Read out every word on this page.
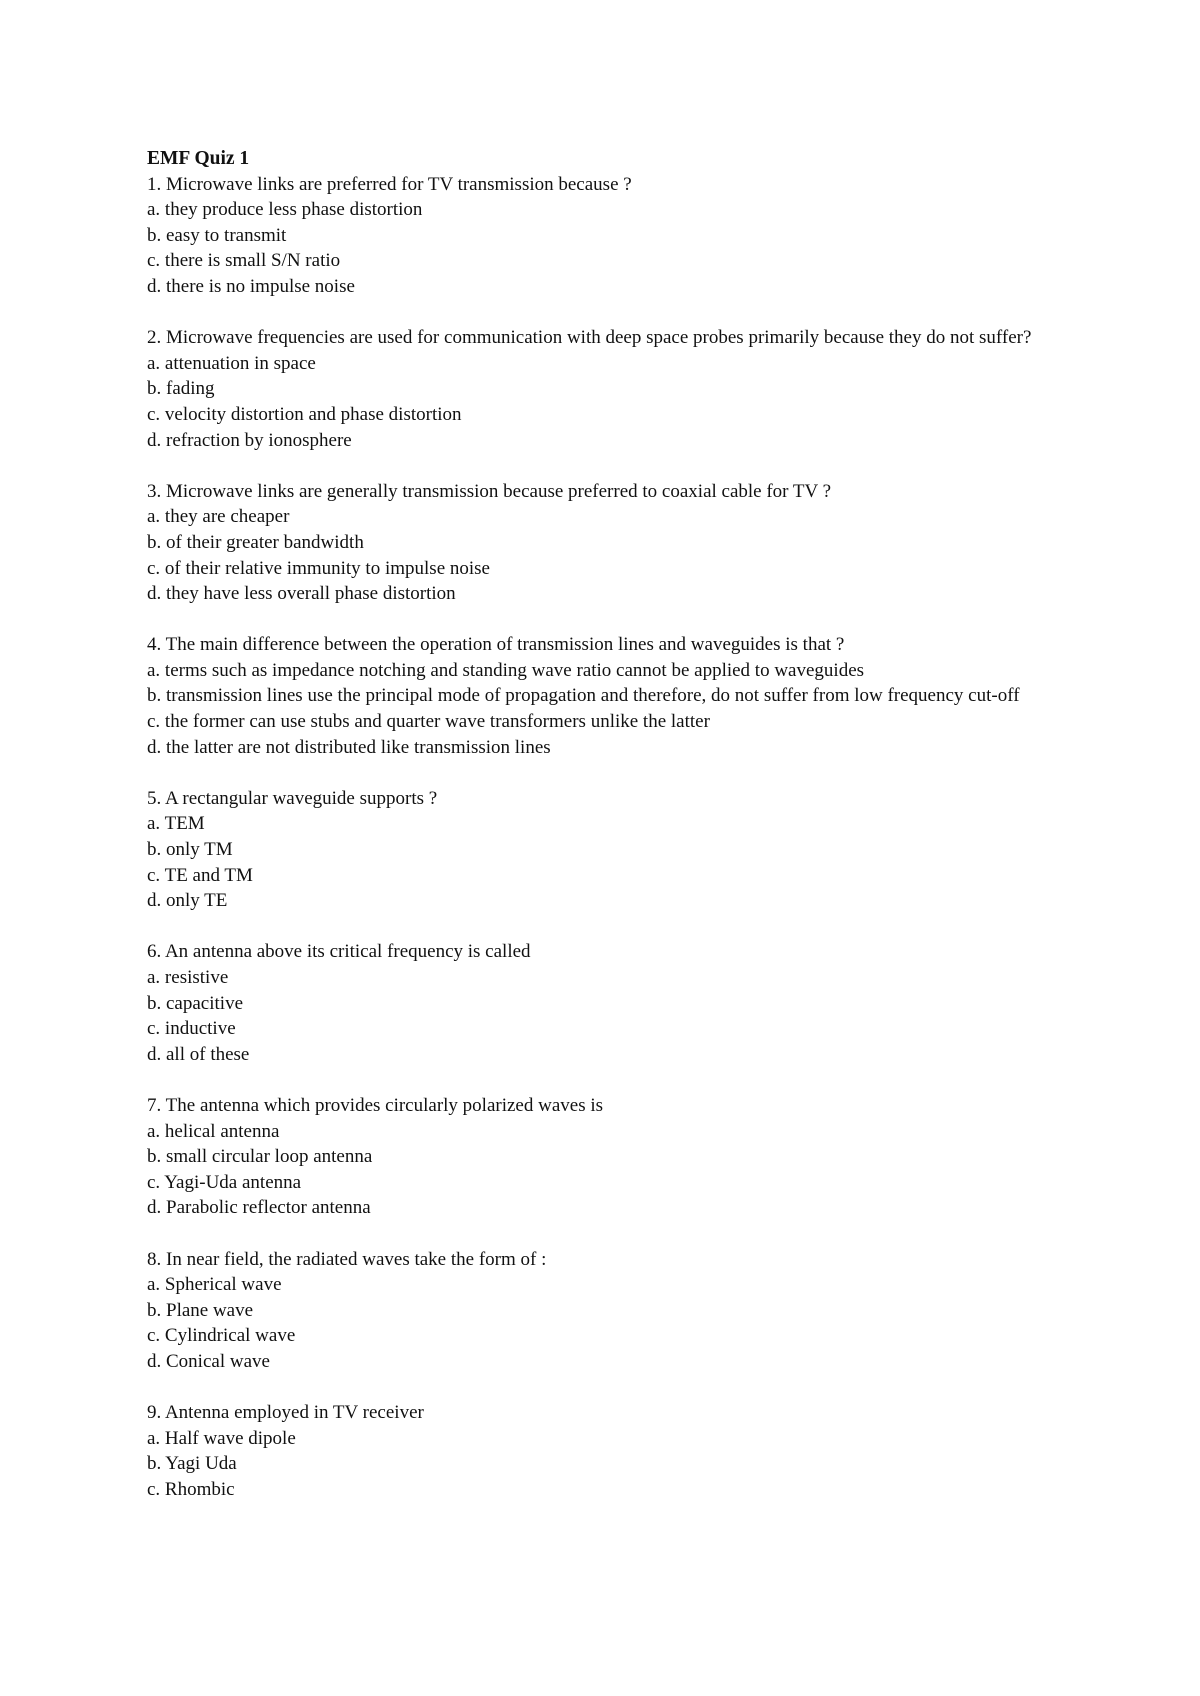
EMF Quiz 1
1. Microwave links are preferred for TV transmission because ?
a. they produce less phase distortion
b. easy to transmit
c. there is small S/N ratio
d. there is no impulse noise
2. Microwave frequencies are used for communication with deep space probes primarily because they do not suffer?
a. attenuation in space
b. fading
c. velocity distortion and phase distortion
d. refraction by ionosphere
3. Microwave links are generally transmission because preferred to coaxial cable for TV ?
a. they are cheaper
b. of their greater bandwidth
c. of their relative immunity to impulse noise
d. they have less overall phase distortion
4. The main difference between the operation of transmission lines and waveguides is that ?
a. terms such as impedance notching and standing wave ratio cannot be applied to waveguides
b. transmission lines use the principal mode of propagation and therefore, do not suffer from low frequency cut-off
c. the former can use stubs and quarter wave transformers unlike the latter
d. the latter are not distributed like transmission lines
5. A rectangular waveguide supports ?
a. TEM
b. only TM
c. TE and TM
d. only TE
6. An antenna above its critical frequency is called
a. resistive
b. capacitive
c. inductive
d. all of these
7. The antenna which provides circularly polarized waves is
a. helical antenna
b. small circular loop antenna
c. Yagi-Uda antenna
d. Parabolic reflector antenna
8. In near field, the radiated waves take the form of :
a. Spherical wave
b. Plane wave
c. Cylindrical wave
d. Conical wave
9. Antenna employed in TV receiver
a. Half wave dipole
b. Yagi Uda
c. Rhombic
